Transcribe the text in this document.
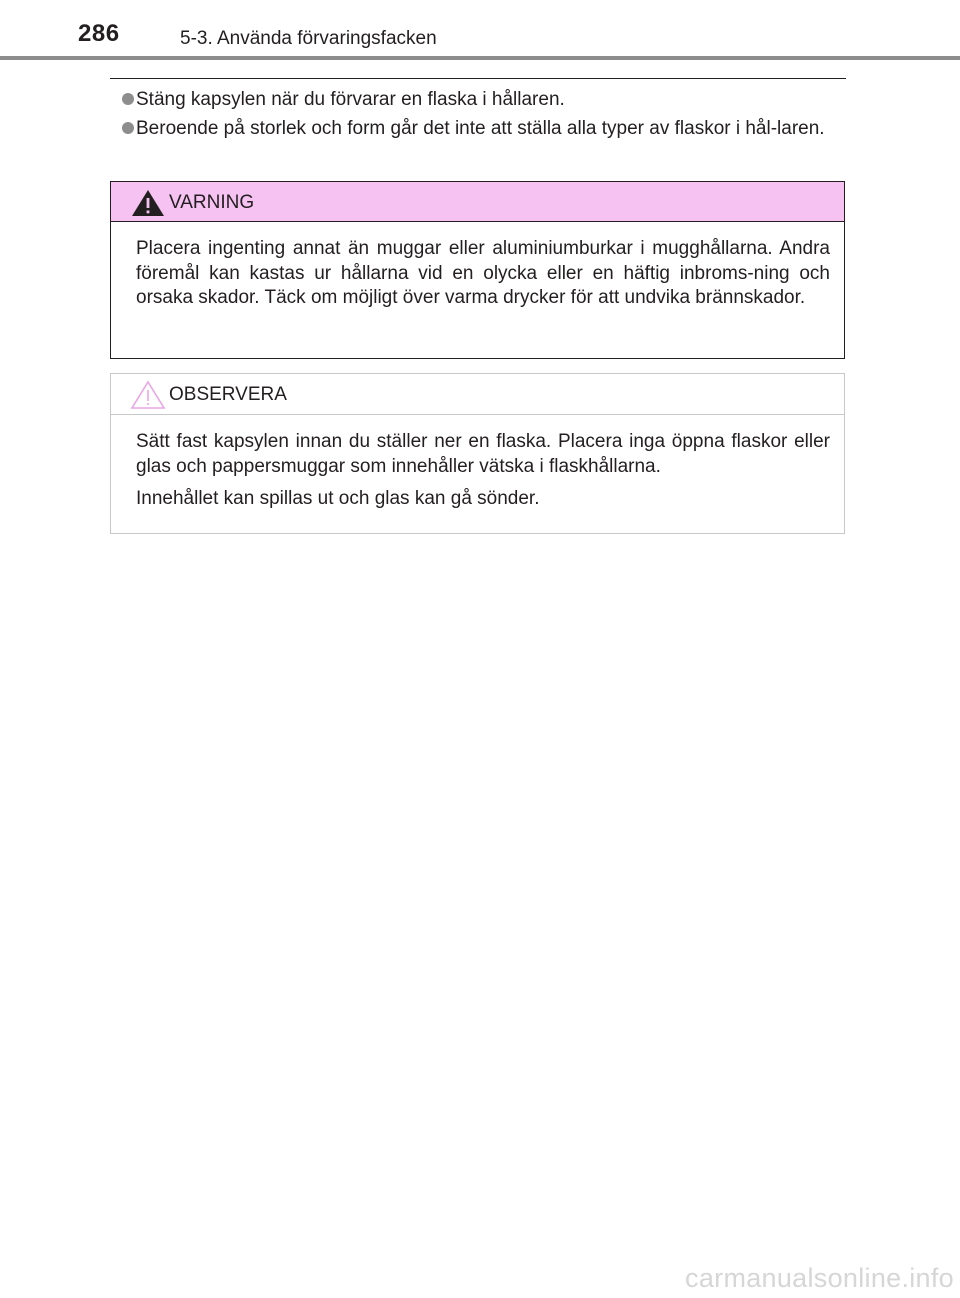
286	5-3. Använda förvaringsfacken
Stäng kapsylen när du förvarar en flaska i hållaren.
Beroende på storlek och form går det inte att ställa alla typer av flaskor i hål-laren.
VARNING

Placera ingenting annat än muggar eller aluminiumburkar i mugghållarna. Andra föremål kan kastas ur hållarna vid en olycka eller en häftig inbroms-ning och orsaka skador. Täck om möjligt över varma drycker för att undvika brännskador.

OBSERVERA

Sätt fast kapsylen innan du ställer ner en flaska. Placera inga öppna flaskor eller glas och pappersmuggar som innehåller vätska i flaskhållarna.

Innehållet kan spillas ut och glas kan gå sönder.

carmanualsonline.info
